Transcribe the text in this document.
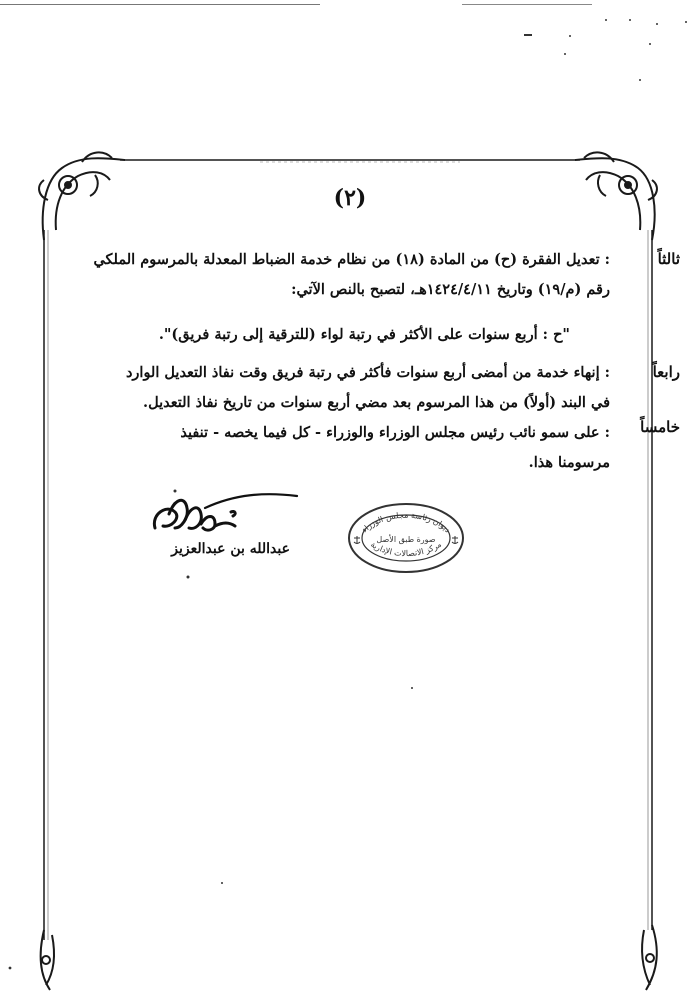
(٢)
ثالثاً
: تعديل الفقرة (ح) من المادة (١٨) من نظام خدمة الضباط المعدلة بالمرسوم الملكي
رقم (م/١٩) وتاريخ ١٤٢٤/٤/١١هـ، لتصبح بالنص الآتي:
"ح : أربع سنوات على الأكثر في رتبة لواء (للترقية إلى رتبة فريق)".
رابعاً
: إنهاء خدمة من أمضى أربع سنوات فأكثر في رتبة فريق وقت نفاذ التعديل الوارد
في البند (أولاً) من هذا المرسوم بعد مضي أربع سنوات من تاريخ نفاذ التعديل.
خامساً
: على سمو نائب رئيس مجلس الوزراء والوزراء - كل فيما يخصه - تنفيذ
مرسومنا هذا.
عبدالله بن عبدالعزيز
ديوان رئاسة مجلس الوزراء
مركز الاتصالات الإدارية
صورة طبق الأصل
